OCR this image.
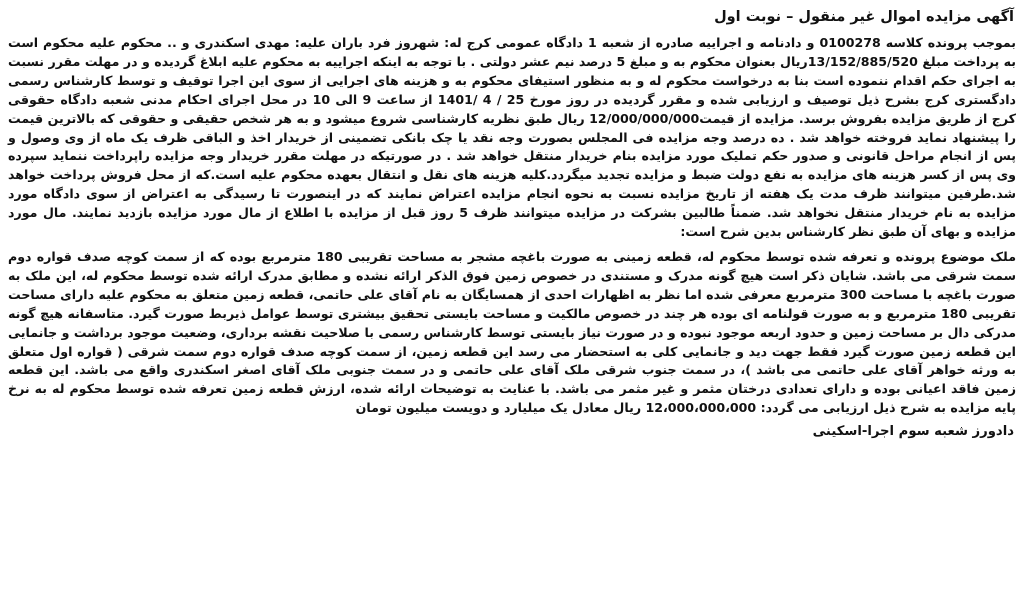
آگهی مزایده اموال غیر منقول – نوبت اول

بموجب پرونده کلاسه 0100278 و دادنامه و اجراییه صادره از شعبه 1 دادگاه عمومی کرج له: شهروز فرد باران علیه: مهدی اسکندری و .. محکوم علیه محکوم است به پرداخت مبلغ 13/152/885/520ریال بعنوان محکوم به و مبلغ 5 درصد نیم عشر دولتی . با توجه به اینکه اجراییه به محکوم علیه ابلاغ گردیده و در مهلت مقرر نسبت به اجرای حکم اقدام ننموده است بنا به درخواست محکوم له و به منظور استیفای محکوم به و هزینه های اجرایی از سوی این اجرا توقیف و توسط کارشناس رسمی دادگستری کرج بشرح ذیل توصیف و ارزیابی شده و مقرر گردیده در روز مورخ 25 / 4 /1401 از ساعت 9 الی 10 در محل اجرای احکام مدنی شعبه دادگاه حقوقی کرج از طریق مزایده بفروش برسد. مزایده از قیمت12/000/000/000 ریال طبق نظریه کارشناسی شروع میشود و به هر شخص حقیقی و حقوقی که بالاترین قیمت را پیشنهاد نماید فروخته خواهد شد . ده درصد وجه مزایده فی المجلس بصورت وجه نقد یا چک بانکی تضمینی از خریدار اخذ و الباقی ظرف یک ماه از وی وصول و پس از انجام مراحل قانونی و صدور حکم تملیک مورد مزایده بنام خریدار منتقل خواهد شد . در صورتیکه در مهلت مقرر خریدار وجه مزایده راپرداخت ننماید سپرده وی پس از کسر هزینه های مزایده به نفع دولت ضبط و مزایده تجدید میگردد.کلیه هزینه های نقل و انتقال بعهده محکوم علیه است.که از محل فروش پرداخت خواهد شد.طرفین میتوانند ظرف مدت یک هفته از تاریخ مزایده نسبت به نحوه انجام مزایده اعتراض نمایند که در اینصورت تا رسیدگی به اعتراض از سوی دادگاه مورد مزایده به نام خریدار منتقل نخواهد شد. ضمناً طالبین بشرکت در مزایده میتوانند ظرف 5 روز قبل از مزایده با اطلاع از مال مورد مزایده بازدید نمایند. مال مورد مزایده و بهای آن طبق نظر کارشناس بدین شرح است:

ملک موضوع پرونده و تعرفه شده توسط محکوم له، قطعه زمینی به صورت باغچه مشجر به مساحت تقریبی 180 مترمربع بوده که از سمت کوچه صدف قواره دوم سمت شرقی می باشد. شایان ذکر است هیچ گونه مدرک و مستندی در خصوص زمین فوق الذکر ارائه نشده و مطابق مدرک ارائه شده توسط محکوم له، این ملک به صورت باغچه با مساحت 300 مترمربع معرفی شده اما نظر به اظهارات احدی از همسایگان به نام آقای علی حاتمی، قطعه زمین متعلق به محکوم علیه دارای مساحت تقریبی 180 مترمربع و به صورت قولنامه ای بوده هر چند در خصوص مالکیت و مساحت بایستی تحقیق بیشتری توسط عوامل ذیربط صورت گیرد. متاسفانه هیچ گونه مدرکی دال بر مساحت زمین و حدود اربعه موجود نبوده و در صورت نیاز بایستی توسط کارشناس رسمی با صلاحیت نقشه برداری، وضعیت موجود برداشت و جانمایی این قطعه زمین صورت گیرد فقط جهت دید و جانمایی کلی به استحضار می رسد این قطعه زمین، از سمت کوچه صدف قواره دوم سمت شرقی ( قواره اول متعلق به ورثه خواهر آقای علی حاتمی می باشد )، در سمت جنوب شرقی ملک آقای علی حاتمی و در سمت جنوبی ملک آقای اصغر اسکندری واقع می باشد. این قطعه زمین فاقد اعیانی بوده و دارای تعدادی درختان مثمر و غیر مثمر می باشد. با عنایت به توضیحات ارائه شده، ارزش قطعه زمین تعرفه شده توسط محکوم له به نرخ پایه مزایده به شرح ذیل ارزیابی می گردد: 12،000،000،000 ریال معادل یک میلیارد و دویست میلیون تومان

دادورز شعبه سوم اجرا-اسکینی
